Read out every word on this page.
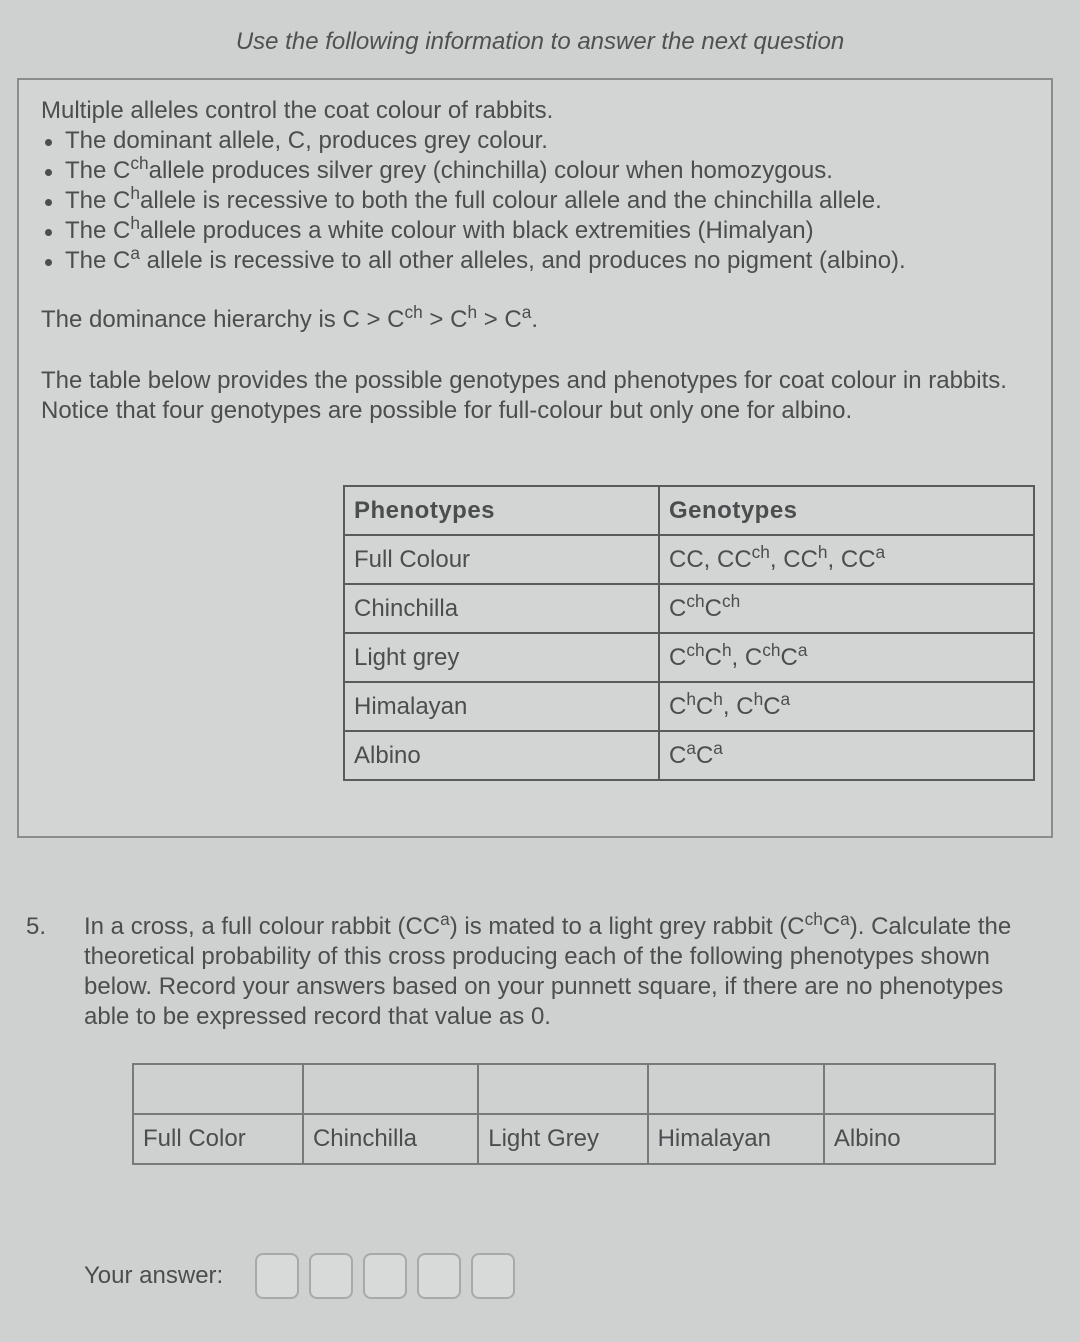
Use the following information to answer the next question

Multiple alleles control the coat colour of rabbits.

The dominant allele, C, produces grey colour.
The $C^{ch}allele$ produces silver grey (chinchilla) colour when homozygous.
The $C^hallele$ is recessive to both the full colour allele and the chinchilla allele.
The $C^hallele$ produces a white colour with black extremities (Himalyan)
The $C^a$ allele is recessive to all other alleles, and produces no pigment (albino).

The dominance hierarchy is $C > C^{ch} > C^h > C^a$.

The table below provides the possible genotypes and phenotypes for coat colour in rabbits. Notice that four genotypes are possible for full-colour but only one for albino.

Phenotypes	Genotypes
Full Colour	CC, $CC^{ch}$, $CC^h$, $CC^a$
Chinchilla	$C^{ch}C^{ch}$
Light grey	$C^{ch}C^h$, $C^{ch}C^a$
Himalayan	$C^hC^h$, $C^hC^a$
Albino	$C^aC^a$
5. In a cross, a full colour rabbit $(CC^a)$ is mated to a light grey rabbit $(C^{ch}C^a)$. Calculate the theoretical probability of this cross producing each of the following phenotypes shown below. Record your answers based on your punnett square, if there are no phenotypes able to be expressed record that value as 0.

Full Color	Chinchilla	Light Grey	Himalayan	Albino
Your answer:
